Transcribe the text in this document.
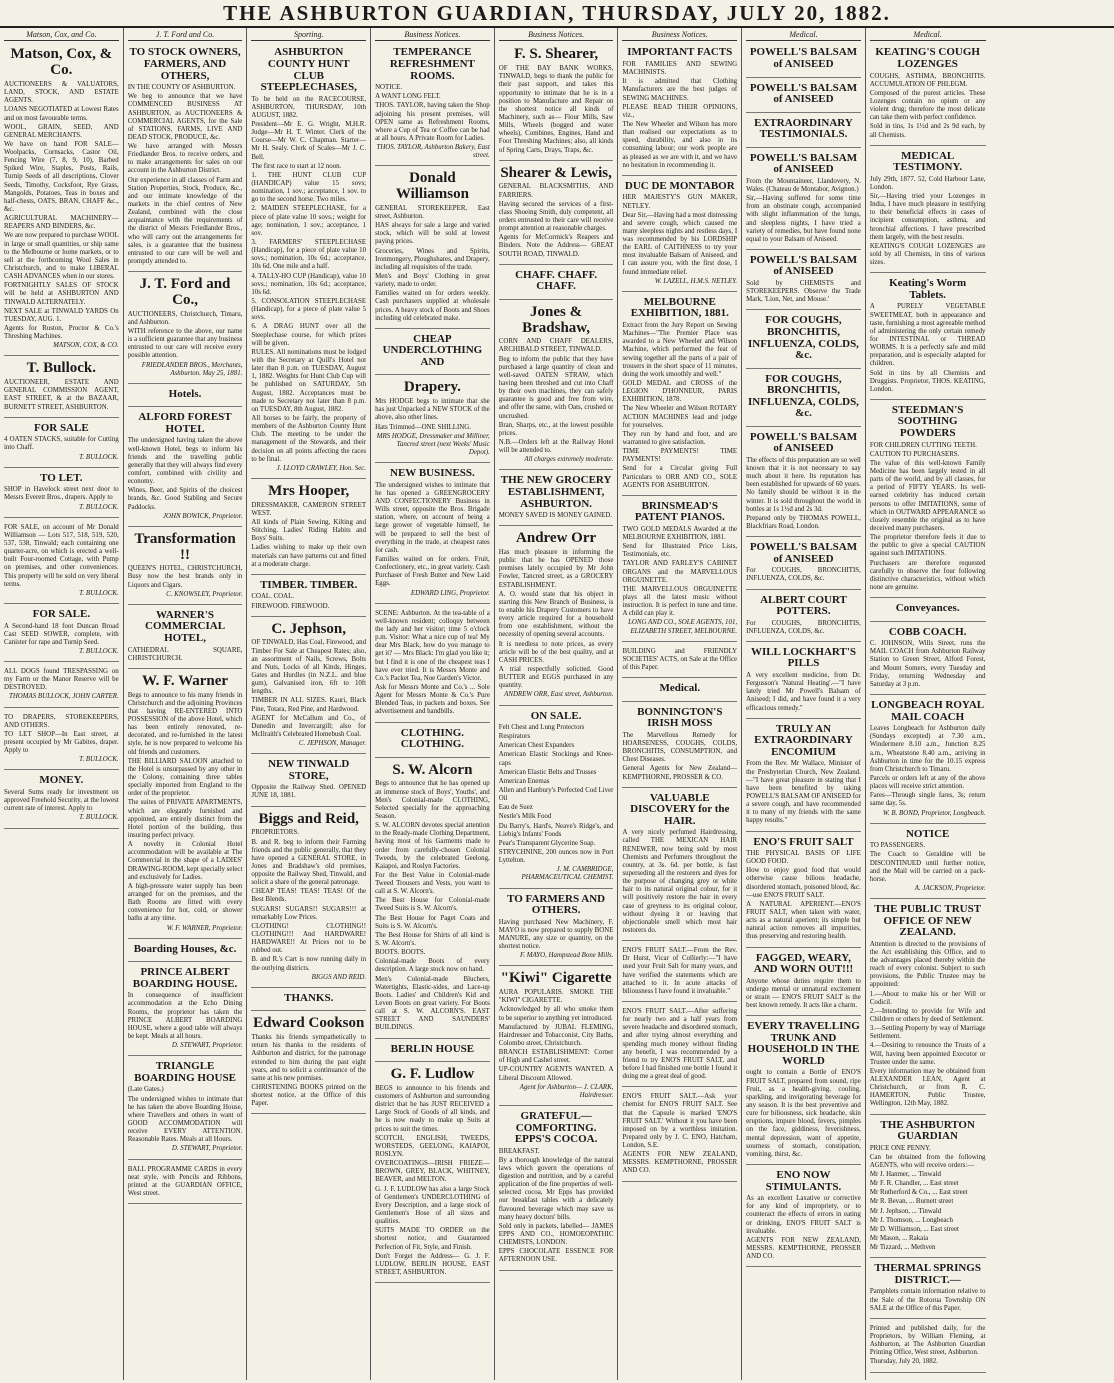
THE ASHBURTON GUARDIAN, THURSDAY, JULY 20, 1882.
Matson, Cox, and Co.
Matson, Cox, & Co.

AUCTIONEERS & VALUATORS, LAND, STOCK, AND ESTATE AGENTS.

LOANS NEGOTIATED at Lowest Rates and on most favourable terms.

WOOL, GRAIN, SEED, AND GENERAL MERCHANTS.

We have on hand FOR SALE— Woolpacks, Cornsacks, Castor Oil, Fencing Wire (7, 8, 9, 10), Barbed Spiked Wire, Staples, Posts, Rails, Turnip Seeds of all descriptions, Clover Seeds, Timothy, Cocksfoot, Rye Grass, Mangolds, Potatoes, Teas in boxes and half-chests, OATS, BRAN, CHAFF &c., &c.

AGRICULTURAL MACHINERY—REAPERS AND BINDERS, &c.

We are now prepared to purchase WOOL in large or small quantities, or ship same to the Melbourne or home markets, or to sell at the forthcoming Wool Sales in Christchurch, and to make LIBERAL CASH ADVANCES when in our stores.

FORTNIGHTLY SALES OF STOCK will be held at ASHBURTON AND TINWALD ALTERNATELY.

NEXT SALE at TINWALD YARDS On TUESDAY, AUG. 1.

Agents for Ruston, Proctor & Co.'s Threshing Machines.

MATSON, COX, & CO.

T. Bullock.

AUCTIONEER, ESTATE AND GENERAL COMMISSION AGENT, EAST STREET, & at the BAZAAR, BURNETT STREET, ASHBURTON.

FOR SALE

4 OATEN STACKS, suitable for Cutting into Chaff.

T. BULLOCK.

TO LET.

SHOP in Havelock street next door to Messrs Everett Bros., drapers. Apply to

T. BULLOCK.

FOR SALE, on account of Mr Donald Williamson — Lots 517, 518, 519, 520, 537, 538, Tinwald; each containing one quarter-acre, on which is erected a well-built Four-roomed Cottage, with Pump on premises, and other conveniences. This property will be sold on very liberal terms.

T. BULLOCK.

FOR SALE.

A Second-hand 18 foot Duncan Broad Cast SEED SOWER, complete, with Canister for rape and Turnip Seed.

T. BULLOCK.

ALL DOGS found TRESPASSING on my Farm or the Manor Reserve will be DESTROYED.

THOMAS BULLOCK, JOHN CARTER.

TO DRAPERS, STOREKEEPERS, AND OTHERS.

TO LET SHOP—In East street, at present occupied by Mr Gabites, draper. Apply to

T. BULLOCK.

MONEY.

Several Sums ready for investment on approved Freehold Security, at the lowest current rate of interest. Apply to

T. BULLOCK.

J. T. Ford and Co.
TO STOCK OWNERS, FARMERS, AND OTHERS,

IN THE COUNTY OF ASHBURTON.

We beg to announce that we have COMMENCED BUSINESS AT ASHBURTON, as AUCTIONEERS & COMMERCIAL AGENTS, for the Sale of STATIONS, FARMS, LIVE AND DEAD STOCK, PRODUCE, &c.

We have arranged with Messrs Friedlander Bros. to receive orders, and to make arrangements for sales on our account in the Ashburton District.

Our experience in all classes of Farm and Station Properties, Stock, Produce, &c., and our intimate knowledge of the markets in the chief centres of New Zealand, combined with the close acquaintance with the requirements of the district of Messrs Friedlander Bros., who will carry out the arrangements for sales, is a guarantee that the business entrusted to our care will be well and promptly attended to.

J. T. Ford and Co.,

AUCTIONEERS, Christchurch, Timaru, and Ashburton.

WITH reference to the above, our name is a sufficient guarantee that any business entrusted to our care will receive every possible attention.

FRIEDLANDER BROS., Merchants, Ashburton. May 25, 1881.

Hotels.
ALFORD FOREST HOTEL

The undersigned having taken the above well-known Hotel, begs to inform his friends and the travelling public generally that they will always find every comfort, combined with civility and economy.

Wines, Beer, and Spirits of the choicest brands, &c. Good Stabling and Secure Paddocks.

JOHN BOWICK, Proprietor.

Transformation !!

QUEEN'S HOTEL, CHRISTCHURCH, Busy now the best brands only in Liquors and Cigars.

C. KNOWSLEY, Proprietor.

WARNER'S COMMERCIAL HOTEL,

CATHEDRAL SQUARE, CHRISTCHURCH.

W. F. Warner

Begs to announce to his many friends in Christchurch and the adjoining Provinces that having RE-ENTERED INTO POSSESSION of the above Hotel, which has been entirely renovated, re-decorated, and re-furnished in the latest style, he is now prepared to welcome his old friends and customers.

THE BILLIARD SALOON attached to the Hotel is unsurpassed by any other in the Colony, containing three tables specially imported from England to the order of the proprietor.

The suites of PRIVATE APARTMENTS, which are elegantly furnished and appointed, are entirely distinct from the Hotel portion of the building, thus insuring perfect privacy.

A novelty in Colonial Hotel accommodation will be available at The Commercial in the shape of a LADIES' DRAWING-ROOM, kept specially select and exclusively for Ladies.

A high-pressure water supply has been arranged for on the premises, and the Bath Rooms are fitted with every convenience for hot, cold, or shower baths at any time.

W. F. WARNER, Proprietor.

Boarding Houses, &c.
PRINCE ALBERT BOARDING HOUSE.

In consequence of insufficient accommodation at the Echo Dining Rooms, the proprietor has taken the PRINCE ALBERT BOARDING HOUSE, where a good table will always be kept. Meals at all hours.

D. STEWART, Proprietor.

TRIANGLE BOARDING HOUSE

(Late Gates.)

The undersigned wishes to intimate that he has taken the above Boarding House, where Travellers and others in want of GOOD ACCOMMODATION will receive EVERY ATTENTION. Reasonable Rates. Meals at all Hours.

D. STEWART, Proprietor.

BALL PROGRAMME CARDS in every neat style, with Pencils and Ribbons, printed at the GUARDIAN OFFICE, West street.

Sporting.
ASHBURTON COUNTY HUNT CLUB STEEPLECHASES,

To be held on the RACECOURSE, ASHBURTON, THURSDAY, 10th AUGUST, 1882.

President—Mr E. G. Wright, M.H.R. Judge—Mr H. T. Winter. Clerk of the Course—Mr W. C. Chapman. Starter—Mr H. Sealy. Clerk of Scales—Mr J. C. Bell.

The first race to start at 12 noon.

1. THE HUNT CLUB CUP (HANDICAP) value 15 sovs; nomination, 1 sov.; acceptance, 1 sov. to go to the second horse. Two miles.

2. MAIDEN STEEPLECHASE, for a piece of plate value 10 sovs.; weight for age; nomination, 1 sov.; acceptance, 1 sov.

3. FARMERS' STEEPLECHASE (Handicap), for a piece of plate value 10 sovs.; nomination, 10s 6d.; acceptance, 10s 6d. One mile and a half.

4. TALLY-HO CUP (Handicap), value 10 sovs.; nomination, 10s 6d.; acceptance, 10s 6d.

5. CONSOLATION STEEPLECHASE (Handicap), for a piece of plate value 5 sovs.

6. A DRAG HUNT over all the Steeplechase course, for which prizes will be given.

RULES. All nominations must be lodged with the Secretary at Quill's Hotel not later than 8 p.m. on TUESDAY, August 1, 1882. Weights for Hunt Club Cup will be published on SATURDAY, 5th August, 1882. Acceptances must be made to Secretary not later than 8 p.m. on TUESDAY, 8th August, 1882.

All horses to be fairly, the property of members of the Ashburton County Hunt Club. The meeting to be under the management of the Stewards, and their decision on all points affecting the races to be final.

J. LLOYD CRAWLEY, Hon. Sec.

Mrs Hooper,

DRESSMAKER, CAMERON STREET WEST.

All kinds of Plain Sewing, Kilting and Stitching. Ladies' Riding Habits and Boys' Suits.

Ladies wishing to make up their own materials can have patterns cut and fitted at a moderate charge.

TIMBER. TIMBER.

COAL. COAL.

FIREWOOD. FIREWOOD.

C. Jephson,

OF TINWALD, Has Coal, Firewood, and Timber For Sale at Cheapest Rates; also, an assortment of Nails, Screws, Bolts and Nuts, Locks of all Kinds, Hinges, Gates and Hurdles (in N.Z.L. and blue gum), Galvanised iron, 6ft to 10ft lengths.

TIMBER IN ALL SIZES. Kauri, Black Pine, Totara, Red Pine, and Hardwood.

AGENT for McCallum and Co., of Dunedin and Invercargill; also for McIlraith's Celebrated Homebush Coal.

C. JEPHSON, Manager.

NEW TINWALD STORE,

Opposite the Railway Shed. OPENED JUNE 18, 1881.

Biggs and Reid,

PROPRIETORS.

B. and R. beg to inform their Farming friends and the public generally, that they have opened a GENERAL STORE, in Jones and Bradshaw's old premises, opposite the Railway Shed, Tinwald, and solicit a share of the general patronage.

CHEAP TEAS! TEAS! TEAS! Of the Best Blends.

SUGARS! SUGARS!! SUGARS!!! at remarkably Low Prices.

CLOTHING! CLOTHING!! CLOTHING!!! And HARDWARE! HARDWARE!! At Prices not to be rubbed out.

B. and R.'s Cart is now running daily in the outlying districts.

BIGGS AND REID.

THANKS.
Edward Cookson

Thanks his friends sympathetically to return his thanks to the residents of Ashburton and district, for the patronage extended to him during the past eight years, and to solicit a continuance of the same at his new premises.

CHRISTENING BOOKS printed on the shortest notice, at the Office of this Paper.

Business Notices.
TEMPERANCE REFRESHMENT ROOMS.

NOTICE.

A WANT LONG FELT.

THOS. TAYLOR, having taken the Shop adjoining his present premises, will OPEN same as Refreshment Rooms, where a Cup of Tea or Coffee can be had at all hours. A Private Room for Ladies.

THOS. TAYLOR, Ashburton Bakery, East street.

Donald Williamson

GENERAL STOREKEEPER, East street, Ashburton.

HAS always for sale a large and varied stock, which will be sold at lowest paying prices.

Groceries, Wines and Spirits, Ironmongery, Ploughshares, and Drapery, including all requisites of the trade.

Men's and Boys' Clothing in great variety, made to order.

Families waited on for orders weekly. Cash purchasers supplied at wholesale prices. A heavy stock of Boots and Shoes including old celebrated make.

CHEAP UNDERCLOTHING AND
Drapery.

Mrs HODGE begs to intimate that she has just Unpacked a NEW STOCK of the above, also other lines.

Hats Trimmed—ONE SHILLING.

MRS HODGE, Dressmaker and Milliner, Tancred street (next Weeks' Music Depot).

NEW BUSINESS.

The undersigned wishes to intimate that he has opened a GREENGROCERY AND CONFECTIONERY Business in Wills street, opposite the Bros. Brigade station, where, on account of being a large grower of vegetable himself, he will be prepared to sell the best of everything in the trade, at cheapest rates for cash.

Families waited on for orders. Fruit, Confectionery, etc., in great variety. Cash Purchaser of Fresh Butter and New Laid Eggs.

EDWARD LING, Proprietor.

SCENE: Ashburton. At the tea-table of a well-known resident; colloquy between the lady and her visitor; time 5 o'clock p.m. Visitor: What a nice cup of tea! My dear Mrs Black, how do you manage to get it? — Mrs Black: I'm glad you like it; but I find it is one of the cheapest teas I have ever tried. It is Messrs Monte and Co.'s Packet Tea, Noe Garden's Victor.

Ask for Messrs Monte and Co.'s ... Sole Agent for Messrs Monte & Co.'s Pure Blended Teas, in packets and boxes. See advertisement and handbills.

CLOTHING. CLOTHING.
S. W. Alcorn

Begs to announce that he has opened up an immense stock of Boys', Youths', and Men's Colonial-made CLOTHING, Selected specially for the approaching Season.

S. W. ALCORN devotes special attention to the Ready-made Clothing Department, having most of his Garments made to order from carefully-chosen Colonial Tweeds, by the celebrated Geelong, Kaiapoi, and Roslyn Factories.

For the Best Value in Colonial-made Tweed Trousers and Vests, you want to call at S. W. Alcorn's.

The Best House for Colonial-made Tweed Suits is S. W. Alcorn's.

The Best House for Paget Coats and Suits is S. W. Alcorn's.

The Best House for Shirts of all kind is S. W. Alcorn's.

BOOTS. BOOTS.

Colonial-made Boots of every description. A large stock now on hand.

Men's Colonial-made Bluchers, Watertights, Elastic-sides, and Lace-up Boots. Ladies' and Children's Kid and Leven Boots on great variety. For Boots call at S. W. ALCORN'S. EAST STREET AND SAUNDERS' BUILDINGS.

BERLIN HOUSE
G. F. Ludlow

BEGS to announce to his friends and customers of Ashburton and surrounding district that he has JUST RECEIVED a Large Stock of Goods of all kinds, and he is now ready to make up Suits at prices to suit the times.

SCOTCH, ENGLISH, TWEEDS, WORSTEDS, GEELONG, KAIAPOI, ROSLYN.

OVERCOATINGS—IRISH FRIEZE—BROWN, GREY, BLACK, WHITNEY, BEAVER, and MELTON.

G. J. F. LUDLOW has also a large Stock of Gentlemen's UNDERCLOTHING of Every Description, and a large stock of Gentlemen's Hose of all sizes and qualities.

SUITS MADE TO ORDER on the shortest notice, and Guaranteed Perfection of Fit, Style, and Finish.

Don't Forget the Address— G. J. F. LUDLOW, BERLIN HOUSE, EAST STREET, ASHBURTON.

Business Notices.
F. S. Shearer,

OF THE BAY BANK WORKS, TINWALD, begs to thank the public for their past support, and takes this opportunity to intimate that he is in a position to Manufacture and Repair on the shortest notice all kinds of Machinery, such as— Flour Mills, Saw Mills, Wheels (bogged and water wheels), Combines, Engines, Hand and Foot Threshing Machines; also, all kinds of Spring Carts, Drays, Traps, &c.

Shearer & Lewis,

GENERAL BLACKSMITHS, AND FARRIERS.

Having secured the services of a first-class Shoeing Smith, duly competent, all orders entrusted to their care will receive prompt attention at reasonable charges.

Agents for McCormick's Reapers and Binders. Note the Address— GREAT SOUTH ROAD, TINWALD.

CHAFF. CHAFF. CHAFF.
Jones & Bradshaw,

CORN AND CHAFF DEALERS, ARCHIBALD STREET, TINWALD.

Beg to inform the public that they have purchased a large quantity of clean and well-saved OATEN STRAW, which having been threshed and cut into Chaff by their own machines, they can safely guarantee is good and free from wire, and offer the same, with Oats, crushed or uncrushed.

Bran, Sharps, etc., at the lowest possible prices.

N.B.—Orders left at the Railway Hotel will be attended to.

All charges extremely moderate.

THE NEW GROCERY ESTABLISHMENT, ASHBURTON.

MONEY SAVED IS MONEY GAINED.

Andrew Orr

Has much pleasure in informing the public that he has OPENED those premises lately occupied by Mr John Fowler, Tancred street, as a GROCERY ESTABLISHMENT.

A. O. would state that his object in starting this New Branch of Business, is to enable his Drapery Customers to have every article required for a household from one establishment, without the necessity of opening several accounts.

It is needless to note prices, as every article will be of the best quality, and at CASH PRICES.

A trial respectfully solicited. Good BUTTER and EGGS purchased in any quantity.

ANDREW ORR, East street, Ashburton.

ON SALE.

Felt Chest and Lung Protectors

Respirators

American Chest Expanders

American Elastic Stockings and Knee-caps

American Elastic Belts and Trusses

American Enemas

Allen and Hanbury's Perfected Cod Liver Oil

Eau de Suez

Nestle's Milk Food

Du Barry's, Hard's, Neave's Ridge's, and Liebig's Infants' Foods

Pear's Transparent Glycerine Soap.

STRYCHNINE, 200 ounces now in Port Lyttelton.

J. M. CAMBRIDGE, PHARMACEUTICAL CHEMIST.

TO FARMERS AND OTHERS.

Having purchased New Machinery, F. MAYO is now prepared to supply BONE MANURE, any size or quantity, on the shortest notice.

F. MAYO, Hampstead Bone Mills.

"Kiwi" Cigarette

AURA POPULARIS. SMOKE THE "KIWI" CIGARETTE.

Acknowledged by all who smoke them to be superior to anything yet introduced.

Manufactured by JUBAL FLEMING, Hairdresser and Tobacconist, City Baths, Colombo street, Christchurch.

BRANCH ESTABLISHMENT: Corner of High and Cashel street.

UP-COUNTRY AGENTS WANTED. A Liberal Discount Allowed.

Agent for Ashburton— J. CLARK, Hairdresser.

GRATEFUL—COMFORTING. EPPS'S COCOA.

BREAKFAST.

By a thorough knowledge of the natural laws which govern the operations of digestion and nutrition, and by a careful application of the fine properties of well-selected cocoa, Mr Epps has provided our breakfast tables with a delicately flavoured beverage which may save us many heavy doctors' bills.

Sold only in packets, labelled— JAMES EPPS AND CO., HOMOEOPATHIC CHEMISTS, LONDON.

EPPS CHOCOLATE ESSENCE FOR AFTERNOON USE.

Business Notices.
IMPORTANT FACTS

FOR FAMILIES AND SEWING MACHINISTS.

It is admitted that Clothing Manufacturers are the best judges of SEWING MACHINES.

PLEASE READ THEIR OPINIONS, viz.,

The New Wheeler and Wilson has more than realised our expectations as to speed, durability, and also in its consuming labour; our work people are as pleased as we are with it, and we have no hesitation in recommending it.

DUC DE MONTABOR

HER MAJESTY'S GUN MAKER, NETLEY.

Dear Sir,—Having had a most distressing and severe cough, which caused me many sleepless nights and restless days, I was recommended by his LORDSHIP the EARL of CAITHNESS to try your most invaluable Balsam of Aniseed, and I can assure you, with the first dose, I found immediate relief.

W. LAZELL, H.M.S. NETLEY.

MELBOURNE EXHIBITION, 1881.

Extract from the Jury Report on Sewing Machines—"The Premier Place was awarded to a New Wheeler and Wilson Machine, which performed the feat of sewing together all the parts of a pair of trousers in the short space of 11 minutes, doing the work smoothly and well."

GOLD MEDAL and CROSS of the LEGION D'HONNEUR, PARIS EXHIBITION, 1878.

The New Wheeler and Wilson ROTARY ACTION MACHINES lead and judge for yourselves.

They run by hand and foot, and are warranted to give satisfaction.

TIME PAYMENTS! TIME PAYMENTS!

Send for a Circular giving Full Particulars to ORR AND CO., SOLE AGENTS FOR ASHBURTON.

BRINSMEAD'S PATENT PIANOS.

TWO GOLD MEDALS Awarded at the MELBOURNE EXHIBITION, 1881.

Send for Illustrated Price Lists, Testimonials, etc.

TAYLOR AND FARLEY'S CABINET ORGANS and the MARVELLOUS ORGUINETTE.

THE MARVELLOUS ORGUINETTE plays all the latest music without instruction. It is perfect in tune and time. A child can play it.

LONG AND CO., SOLE AGENTS, 101, ELIZABETH STREET, MELBOURNE.

BUILDING and FRIENDLY SOCIETIES' ACTS, on Sale at the Office of this Paper.

Medical.
BONNINGTON'S IRISH MOSS

The Marvellous Remedy for HOARSENESS, COUGHS, COLDS, BRONCHITIS, CONSUMPTION, and Chest Diseases.

General Agents for New Zealand— KEMPTHORNE, PROSSER & CO.

VALUABLE DISCOVERY for the HAIR.

A very nicely perfumed Hairdressing, called THE MEXICAN HAIR RENEWER, now being sold by most Chemists and Perfumers throughout the country, at 3s. 6d. per bottle, is fast superseding all the restorers and dyes for the purpose of changing grey or white hair to its natural original colour, for it will positively restore the hair in every case of greyness to its original colour, without dyeing it or leaving that objectionable smell which most hair restorers do.

ENO'S FRUIT SALT.—From the Rev. Dr Hurst, Vicar of Collierly:—"I have used your Fruit Salt for many years, and have verified the statements which are attached to it. In acute attacks of biliousness I have found it invaluable."

ENO'S FRUIT SALT.—After suffering for nearly two and a half years from severe headache and disordered stomach, and after trying almost everything and spending much money without finding any benefit, I was recommended by a friend to try ENO'S FRUIT SALT, and before I had finished one bottle I found it doing me a great deal of good.

ENO'S FRUIT SALT.—Ask your chemist for ENO'S FRUIT SALT. See that the Capsule is marked 'ENO'S FRUIT SALT.' Without it you have been imposed on by a worthless imitation. Prepared only by J. C. ENO, Hatcham, London, S.E.

AGENTS FOR NEW ZEALAND, MESSRS. KEMPTHORNE, PROSSER AND CO.

Medical.
POWELL'S BALSAM of ANISEED
POWELL'S BALSAM of ANISEED
EXTRAORDINARY TESTIMONIALS.
POWELL'S BALSAM of ANISEED

From the Mountaineer, Llandovery, N. Wales. (Chateau de Montabor, Avignon.)

Sir,—Having suffered for some time from an obstinate cough, accompanied with slight inflammation of the lungs, and sleepless nights, I have tried a variety of remedies, but have found none equal to your Balsam of Aniseed.

POWELL'S BALSAM of ANISEED

Sold by CHEMISTS and STOREKEEPERS. Observe the Trade Mark, 'Lion, Net, and Mouse.'

FOR COUGHS, BRONCHITIS, INFLUENZA, COLDS, &c.
FOR COUGHS, BRONCHITIS, INFLUENZA, COLDS, &c.
POWELL'S BALSAM of ANISEED

The effects of this preparation are so well known that it is not necessary to say much about it here. Its reputation has been established for upwards of 60 years. No family should be without it in the winter. It is sold throughout the world in bottles at 1s 1½d and 2s 3d.

Prepared only by THOMAS POWELL, Blackfriars Road, London.

POWELL'S BALSAM of ANISEED

For COUGHS, BRONCHITIS, INFLUENZA, COLDS, &c.

ALBERT COURT POTTERS.

For COUGHS, BRONCHITIS, INFLUENZA, COLDS, &c.

WILL LOCKHART'S PILLS

A very excellent medicine, from Dr. Fergusson's 'Natural Heating'.—"I have lately tried Mr Powell's Balsam of Aniseed; I did, and have found it a very efficacious remedy."

TRULY AN EXTRAORDINARY ENCOMIUM

From the Rev. Mr Wallace, Minister of the Presbyterian Church, New Zealand.—"I have great pleasure in stating that I have been benefited by taking POWELL'S BALSAM OF ANISEED for a severe cough, and have recommended it to many of my friends with the same happy results."

ENO'S FRUIT SALT

THE PHYSICAL BASIS OF LIFE GOOD FOOD.

How to enjoy good food that would otherwise cause bilious headache, disordered stomach, poisoned blood, &c.—use ENO'S FRUIT SALT.

A NATURAL APERIENT.—ENO'S FRUIT SALT, when taken with water, acts as a natural aperient; its simple but natural action removes all impurities, thus preserving and restoring health.

FAGGED, WEARY, AND WORN OUT!!!

Anyone whose duties require them to undergo mental or unnatural excitement or strain — ENO'S FRUIT SALT is the best known remedy. It acts like a charm.

EVERY TRAVELLING TRUNK AND HOUSEHOLD IN THE WORLD

ought to contain a Bottle of ENO'S FRUIT SALT, prepared from sound, ripe Fruit, as a health-giving, cooling, sparkling, and invigorating beverage for any season. It is the best preventive and cure for biliousness, sick headache, skin eruptions, impure blood, fevers, pimples on the face, giddiness, feverishness, mental depression, want of appetite, sourness of stomach, constipation, vomiting, thirst, &c.

ENO NOW STIMULANTS.

As an excellent Laxative or corrective for any kind of impropriety, or to counteract the effects of errors in eating or drinking, ENO'S FRUIT SALT is invaluable.

AGENTS FOR NEW ZEALAND, MESSRS. KEMPTHORNE, PROSSER AND CO.

Medical.
KEATING'S COUGH LOZENGES

COUGHS, ASTHMA, BRONCHITIS. ACCUMULATION OF PHLEGM.

Composed of the purest articles. These Lozenges contain no opium or any violent drug; therefore the most delicate can take them with perfect confidence.

Sold in tins, 1s 1½d and 2s 9d each, by all Chemists.

MEDICAL TESTIMONY.

July 29th, 1877. 52, Cold Harbour Lane, London.

Sir,—Having tried your Lozenges in India, I have much pleasure in testifying to their beneficial effects in cases of incipient consumption, asthma, and bronchial affections. I have prescribed them largely, with the best results.

KEATING'S COUGH LOZENGES are sold by all Chemists, in tins of various sizes.

Keating's Worm Tablets.

A PURELY VEGETABLE SWEETMEAT, both in appearance and taste, furnishing a most agreeable method of administering the only certain remedy for INTESTINAL or THREAD WORMS. It is a perfectly safe and mild preparation, and is especially adapted for children.

Sold in tins by all Chemists and Druggists. Proprietor, THOS. KEATING, London.

STEEDMAN'S SOOTHING POWDERS

FOR CHILDREN CUTTING TEETH.

CAUTION TO PURCHASERS.

The value of this well-known Family Medicine has been largely tested in all parts of the world, and by all classes, for a period of FIFTY YEARS. Its well-earned celebrity has induced certain persons to offer IMITATIONS, some of which in OUTWARD APPEARANCE so closely resemble the original as to have deceived many purchasers.

The proprietor therefore feels it due to the public to give a special CAUTION against such IMITATIONS.

Purchasers are therefore requested carefully to observe the four following distinctive characteristics, without which none are genuine.

Conveyances.
COBB COACH.

C. JOHNSON, Wills Street, runs the MAIL COACH from Ashburton Railway Station to Green Street, Alford Forest, and Mount Somers, every Tuesday and Friday, returning Wednesday and Saturday at 3 p.m.

LONGBEACH ROYAL MAIL COACH

Leaves Longbeach for Ashburton daily (Sundays excepted) at 7.30 a.m., Windermere 8.10 a.m., Junction 8.25 a.m., Wheatstone 8.40 a.m., arriving in Ashburton in time for the 10.15 express from Christchurch to Timaru.

Parcels or orders left at any of the above places will receive strict attention.

Fares—Through single fares, 3s; return same day, 5s.

W. B. BOND, Proprietor, Longbeach.

NOTICE

TO PASSENGERS.

The Coach to Geraldine will be DISCONTINUED until further notice, and the Mail will be carried on a pack-horse.

A. JACKSON, Proprietor.

THE PUBLIC TRUST OFFICE OF NEW ZEALAND.

Attention is directed to the provisions of the Act establishing this Office, and to the advantages placed thereby within the reach of every colonist. Subject to such provisions, the Public Trustee may be appointed:

1.—About to make his or her Will or Codicil.

2.—Intending to provide for Wife and Children or others by deed of Settlement.

3.—Settling Property by way of Marriage Settlement.

4.—Desiring to renounce the Trusts of a Will, having been appointed Executor or Trustee under the same.

Every information may be obtained from ALEXANDER LEAN, Agent at Christchurch, or from R. C. HAMERTON, Public Trustee, Wellington, 12th May, 1882.

THE ASHBURTON GUARDIAN

PRICE ONE PENNY.

Can be obtained from the following AGENTS, who will receive orders:—

Mr J. Hanmer, ... Tinwald

Mr F. R. Chandler, ... East street

Mr Rutherford & Co., ... East street

Mr R. Bevan, ... Burnett street

Mr J. Jephson, ... Tinwald

Mr J. Thomson, ... Longbeach

Mr D. Williamson, ... East street

Mr Mason, ... Rakaia

Mr Tizzard, ... Methven

THERMAL SPRINGS DISTRICT.—

Pamphlets contain information relative to the Sale of the Rotorua Township ON SALE at the Office of this Paper.

Printed and published daily, for the Proprietors, by William Fleming, at Ashburton, at The Ashburton Guardian Printing Office, West street, Ashburton.

Thursday, July 20, 1882.
